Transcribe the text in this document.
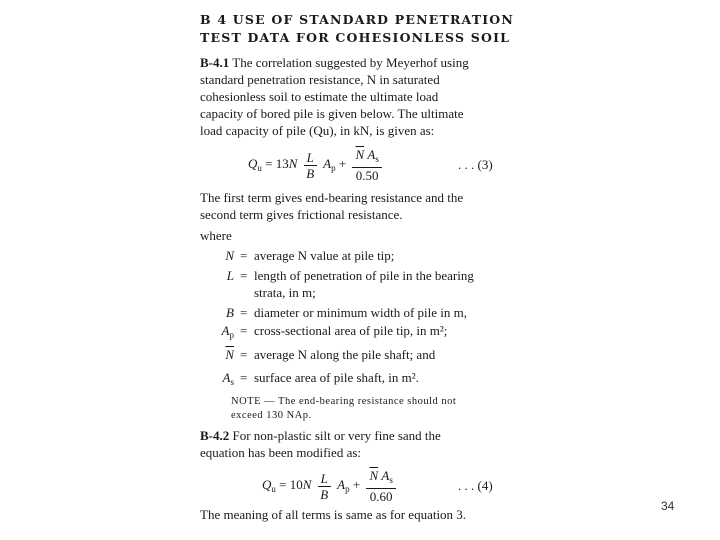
B 4 USE OF STANDARD PENETRATION
TEST DATA FOR COHESIONLESS SOIL
B-4.1 The correlation suggested by Meyerhof using
standard penetration resistance, N in saturated
cohesionless soil to estimate the ultimate load
capacity of bored pile is given below. The ultimate
load capacity of pile (Qu), in kN, is given as:
$Q_u = 13N \frac{L}{B} A_p + \frac{\overline{N} A_s}{0.50}$	. . . (3)
The first term gives end-bearing resistance and the
second term gives frictional resistance.
where
N = average N value at pile tip;
L = length of penetration of pile in the bearing
strata, in m;
B = diameter or minimum width of pile in m,
$A_p$ = cross-sectional area of pile tip, in m²;
$\overline{N}$ = average N along the pile shaft; and
$A_s$ = surface area of pile shaft, in m².
NOTE — The end-bearing resistance should not
exceed 130 NAp.
B-4.2 For non-plastic silt or very fine sand the
equation has been modified as:
$Q_u = 10N \frac{L}{B} A_p + \frac{\overline{N} A_s}{0.60}$	. . . (4)
The meaning of all terms is same as for equation 3.
34
